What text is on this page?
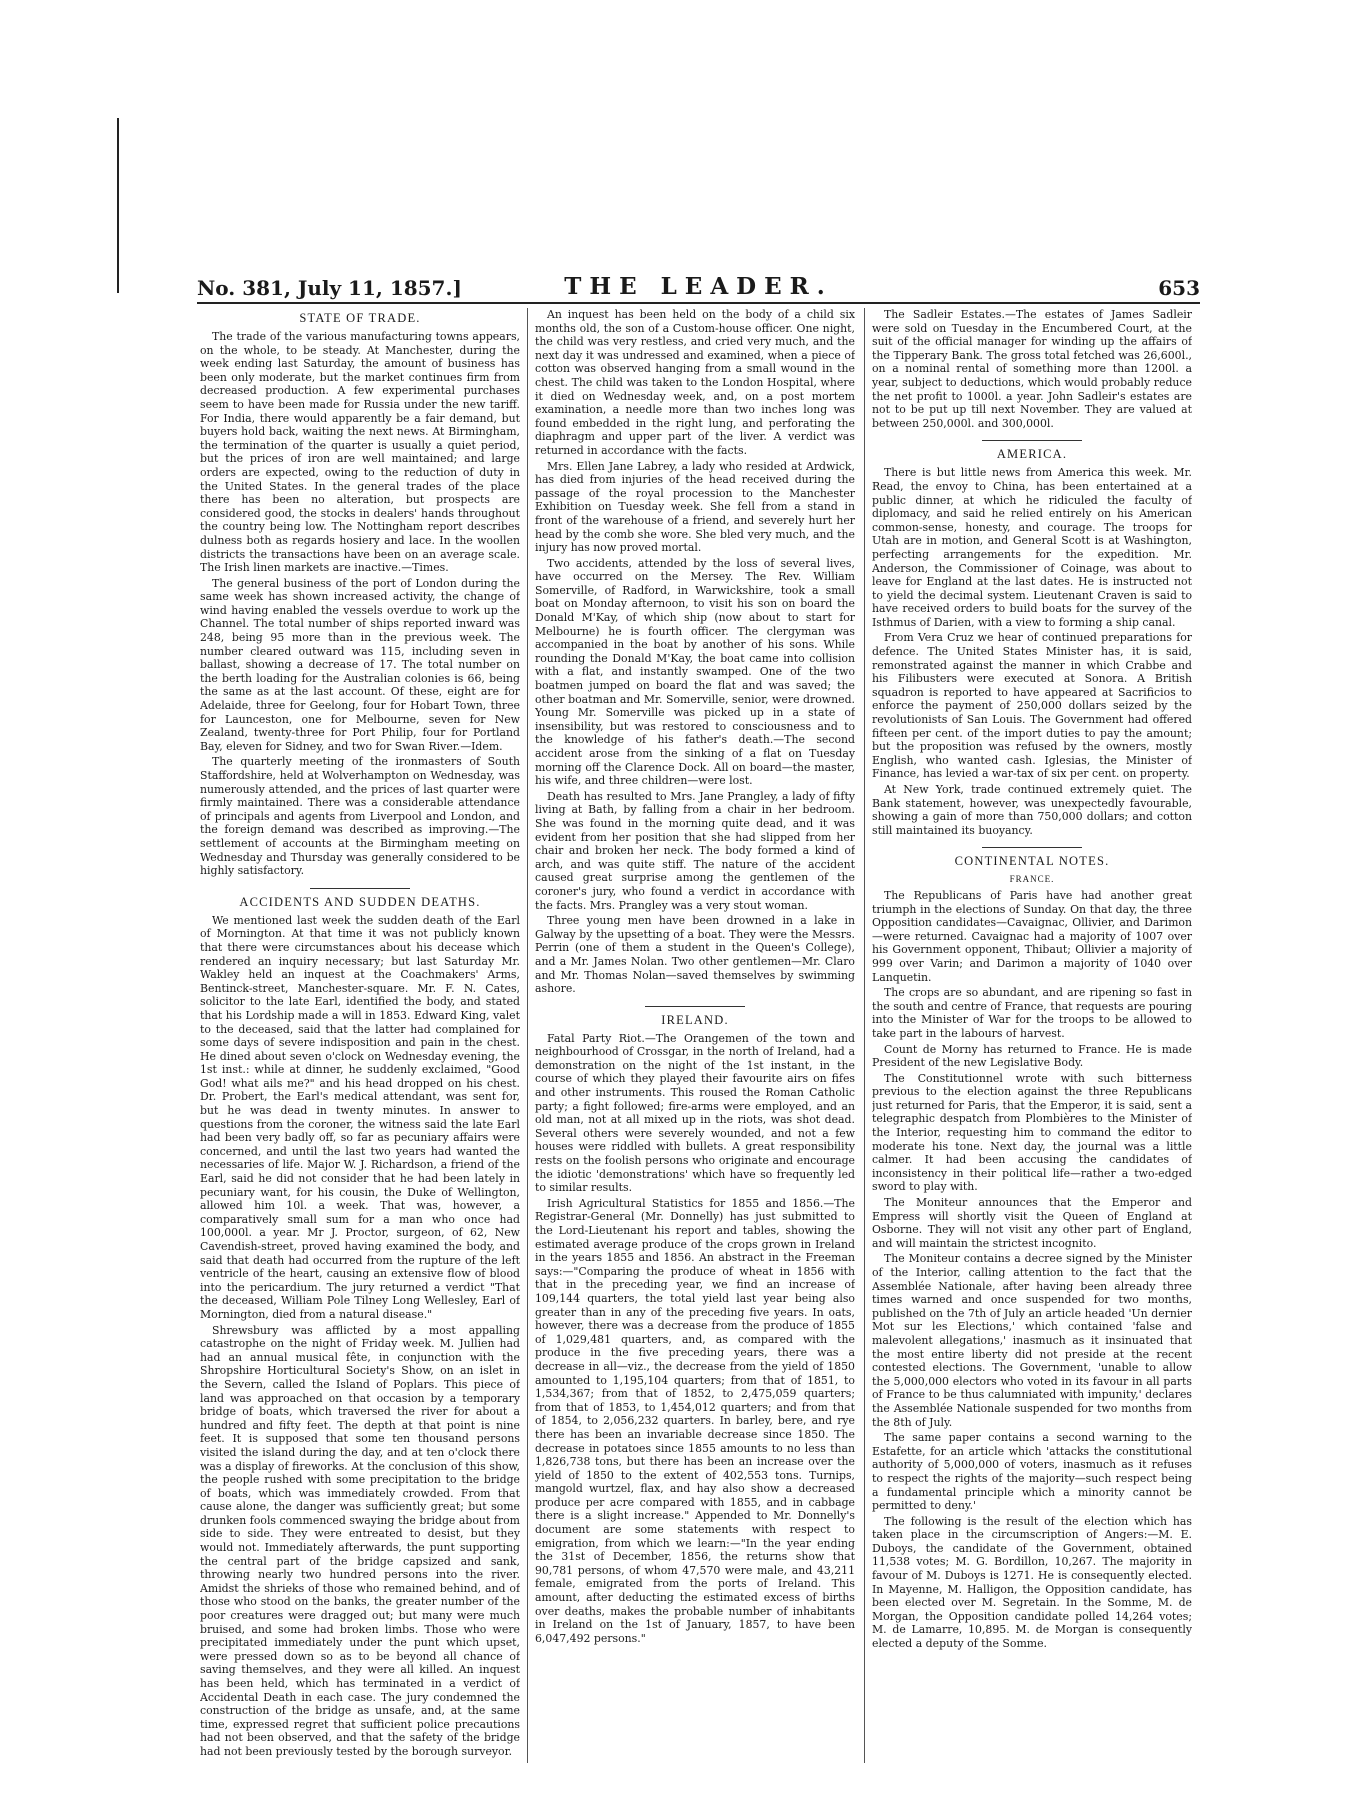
No. 381, July 11, 1857.]	THE LEADER.	653
STATE OF TRADE.

The trade of the various manufacturing towns appears, on the whole, to be steady. At Manchester, during the week ending last Saturday, the amount of business has been only moderate, but the market continues firm from decreased production. A few experimental purchases seem to have been made for Russia under the new tariff. For India, there would apparently be a fair demand, but buyers hold back, waiting the next news. At Birmingham, the termination of the quarter is usually a quiet period, but the prices of iron are well maintained; and large orders are expected, owing to the reduction of duty in the United States. In the general trades of the place there has been no alteration, but prospects are considered good, the stocks in dealers' hands throughout the country being low. The Nottingham report describes dulness both as regards hosiery and lace. In the woollen districts the transactions have been on an average scale. The Irish linen markets are inactive.—Times.

The general business of the port of London during the same week has shown increased activity, the change of wind having enabled the vessels overdue to work up the Channel. The total number of ships reported inward was 248, being 95 more than in the previous week. The number cleared outward was 115, including seven in ballast, showing a decrease of 17. The total number on the berth loading for the Australian colonies is 66, being the same as at the last account. Of these, eight are for Adelaide, three for Geelong, four for Hobart Town, three for Launceston, one for Melbourne, seven for New Zealand, twenty-three for Port Philip, four for Portland Bay, eleven for Sidney, and two for Swan River.—Idem.

The quarterly meeting of the ironmasters of South Staffordshire, held at Wolverhampton on Wednesday, was numerously attended, and the prices of last quarter were firmly maintained. There was a considerable attendance of principals and agents from Liverpool and London, and the foreign demand was described as improving.—The settlement of accounts at the Birmingham meeting on Wednesday and Thursday was generally considered to be highly satisfactory.

ACCIDENTS AND SUDDEN DEATHS.

We mentioned last week the sudden death of the Earl of Mornington. At that time it was not publicly known that there were circumstances about his decease which rendered an inquiry necessary; but last Saturday Mr. Wakley held an inquest at the Coachmakers' Arms, Bentinck-street, Manchester-square. Mr. F. N. Cates, solicitor to the late Earl, identified the body, and stated that his Lordship made a will in 1853. Edward King, valet to the deceased, said that the latter had complained for some days of severe indisposition and pain in the chest. He dined about seven o'clock on Wednesday evening, the 1st inst.: while at dinner, he suddenly exclaimed, "Good God! what ails me?" and his head dropped on his chest. Dr. Probert, the Earl's medical attendant, was sent for, but he was dead in twenty minutes. In answer to questions from the coroner, the witness said the late Earl had been very badly off, so far as pecuniary affairs were concerned, and until the last two years had wanted the necessaries of life. Major W. J. Richardson, a friend of the Earl, said he did not consider that he had been lately in pecuniary want, for his cousin, the Duke of Wellington, allowed him 10l. a week. That was, however, a comparatively small sum for a man who once had 100,000l. a year. Mr J. Proctor, surgeon, of 62, New Cavendish-street, proved having examined the body, and said that death had occurred from the rupture of the left ventricle of the heart, causing an extensive flow of blood into the pericardium. The jury returned a verdict "That the deceased, William Pole Tilney Long Wellesley, Earl of Mornington, died from a natural disease."

Shrewsbury was afflicted by a most appalling catastrophe on the night of Friday week. M. Jullien had had an annual musical fête, in conjunction with the Shropshire Horticultural Society's Show, on an islet in the Severn, called the Island of Poplars. This piece of land was approached on that occasion by a temporary bridge of boats, which traversed the river for about a hundred and fifty feet. The depth at that point is nine feet. It is supposed that some ten thousand persons visited the island during the day, and at ten o'clock there was a display of fireworks. At the conclusion of this show, the people rushed with some precipitation to the bridge of boats, which was immediately crowded. From that cause alone, the danger was sufficiently great; but some drunken fools commenced swaying the bridge about from side to side. They were entreated to desist, but they would not. Immediately afterwards, the punt supporting the central part of the bridge capsized and sank, throwing nearly two hundred persons into the river. Amidst the shrieks of those who remained behind, and of those who stood on the banks, the greater number of the poor creatures were dragged out; but many were much bruised, and some had broken limbs. Those who were precipitated immediately under the punt which upset, were pressed down so as to be beyond all chance of saving themselves, and they were all killed. An inquest has been held, which has terminated in a verdict of Accidental Death in each case. The jury condemned the construction of the bridge as unsafe, and, at the same time, expressed regret that sufficient police precautions had not been observed, and that the safety of the bridge had not been previously tested by the borough surveyor.

An inquest has been held on the body of a child six months old, the son of a Custom-house officer. One night, the child was very restless, and cried very much, and the next day it was undressed and examined, when a piece of cotton was observed hanging from a small wound in the chest. The child was taken to the London Hospital, where it died on Wednesday week, and, on a post mortem examination, a needle more than two inches long was found embedded in the right lung, and perforating the diaphragm and upper part of the liver. A verdict was returned in accordance with the facts.

Mrs. Ellen Jane Labrey, a lady who resided at Ardwick, has died from injuries of the head received during the passage of the royal procession to the Manchester Exhibition on Tuesday week. She fell from a stand in front of the warehouse of a friend, and severely hurt her head by the comb she wore. She bled very much, and the injury has now proved mortal.

Two accidents, attended by the loss of several lives, have occurred on the Mersey. The Rev. William Somerville, of Radford, in Warwickshire, took a small boat on Monday afternoon, to visit his son on board the Donald M'Kay, of which ship (now about to start for Melbourne) he is fourth officer. The clergyman was accompanied in the boat by another of his sons. While rounding the Donald M'Kay, the boat came into collision with a flat, and instantly swamped. One of the two boatmen jumped on board the flat and was saved; the other boatman and Mr. Somerville, senior, were drowned. Young Mr. Somerville was picked up in a state of insensibility, but was restored to consciousness and to the knowledge of his father's death.—The second accident arose from the sinking of a flat on Tuesday morning off the Clarence Dock. All on board—the master, his wife, and three children—were lost.

Death has resulted to Mrs. Jane Prangley, a lady of fifty living at Bath, by falling from a chair in her bedroom. She was found in the morning quite dead, and it was evident from her position that she had slipped from her chair and broken her neck. The body formed a kind of arch, and was quite stiff. The nature of the accident caused great surprise among the gentlemen of the coroner's jury, who found a verdict in accordance with the facts. Mrs. Prangley was a very stout woman.

Three young men have been drowned in a lake in Galway by the upsetting of a boat. They were the Messrs. Perrin (one of them a student in the Queen's College), and a Mr. James Nolan. Two other gentlemen—Mr. Claro and Mr. Thomas Nolan—saved themselves by swimming ashore.

IRELAND.

Fatal Party Riot.—The Orangemen of the town and neighbourhood of Crossgar, in the north of Ireland, had a demonstration on the night of the 1st instant, in the course of which they played their favourite airs on fifes and other instruments. This roused the Roman Catholic party; a fight followed; fire-arms were employed, and an old man, not at all mixed up in the riots, was shot dead. Several others were severely wounded, and not a few houses were riddled with bullets. A great responsibility rests on the foolish persons who originate and encourage the idiotic 'demonstrations' which have so frequently led to similar results.

Irish Agricultural Statistics for 1855 and 1856.—The Registrar-General (Mr. Donnelly) has just submitted to the Lord-Lieutenant his report and tables, showing the estimated average produce of the crops grown in Ireland in the years 1855 and 1856. An abstract in the Freeman says:—"Comparing the produce of wheat in 1856 with that in the preceding year, we find an increase of 109,144 quarters, the total yield last year being also greater than in any of the preceding five years. In oats, however, there was a decrease from the produce of 1855 of 1,029,481 quarters, and, as compared with the produce in the five preceding years, there was a decrease in all—viz., the decrease from the yield of 1850 amounted to 1,195,104 quarters; from that of 1851, to 1,534,367; from that of 1852, to 2,475,059 quarters; from that of 1853, to 1,454,012 quarters; and from that of 1854, to 2,056,232 quarters. In barley, bere, and rye there has been an invariable decrease since 1850. The decrease in potatoes since 1855 amounts to no less than 1,826,738 tons, but there has been an increase over the yield of 1850 to the extent of 402,553 tons. Turnips, mangold wurtzel, flax, and hay also show a decreased produce per acre compared with 1855, and in cabbage there is a slight increase." Appended to Mr. Donnelly's document are some statements with respect to emigration, from which we learn:—"In the year ending the 31st of December, 1856, the returns show that 90,781 persons, of whom 47,570 were male, and 43,211 female, emigrated from the ports of Ireland. This amount, after deducting the estimated excess of births over deaths, makes the probable number of inhabitants in Ireland on the 1st of January, 1857, to have been 6,047,492 persons."

The Sadleir Estates.—The estates of James Sadleir were sold on Tuesday in the Encumbered Court, at the suit of the official manager for winding up the affairs of the Tipperary Bank. The gross total fetched was 26,600l., on a nominal rental of something more than 1200l. a year, subject to deductions, which would probably reduce the net profit to 1000l. a year. John Sadleir's estates are not to be put up till next November. They are valued at between 250,000l. and 300,000l.

AMERICA.

There is but little news from America this week. Mr. Read, the envoy to China, has been entertained at a public dinner, at which he ridiculed the faculty of diplomacy, and said he relied entirely on his American common-sense, honesty, and courage. The troops for Utah are in motion, and General Scott is at Washington, perfecting arrangements for the expedition. Mr. Anderson, the Commissioner of Coinage, was about to leave for England at the last dates. He is instructed not to yield the decimal system. Lieutenant Craven is said to have received orders to build boats for the survey of the Isthmus of Darien, with a view to forming a ship canal.

From Vera Cruz we hear of continued preparations for defence. The United States Minister has, it is said, remonstrated against the manner in which Crabbe and his Filibusters were executed at Sonora. A British squadron is reported to have appeared at Sacrificios to enforce the payment of 250,000 dollars seized by the revolutionists of San Louis. The Government had offered fifteen per cent. of the import duties to pay the amount; but the proposition was refused by the owners, mostly English, who wanted cash. Iglesias, the Minister of Finance, has levied a war-tax of six per cent. on property.

At New York, trade continued extremely quiet. The Bank statement, however, was unexpectedly favourable, showing a gain of more than 750,000 dollars; and cotton still maintained its buoyancy.

CONTINENTAL NOTES.
FRANCE.

The Republicans of Paris have had another great triumph in the elections of Sunday. On that day, the three Opposition candidates—Cavaignac, Ollivier, and Darimon—were returned. Cavaignac had a majority of 1007 over his Government opponent, Thibaut; Ollivier a majority of 999 over Varin; and Darimon a majority of 1040 over Lanquetin.

The crops are so abundant, and are ripening so fast in the south and centre of France, that requests are pouring into the Minister of War for the troops to be allowed to take part in the labours of harvest.

Count de Morny has returned to France. He is made President of the new Legislative Body.

The Constitutionnel wrote with such bitterness previous to the election against the three Republicans just returned for Paris, that the Emperor, it is said, sent a telegraphic despatch from Plombières to the Minister of the Interior, requesting him to command the editor to moderate his tone. Next day, the journal was a little calmer. It had been accusing the candidates of inconsistency in their political life—rather a two-edged sword to play with.

The Moniteur announces that the Emperor and Empress will shortly visit the Queen of England at Osborne. They will not visit any other part of England, and will maintain the strictest incognito.

The Moniteur contains a decree signed by the Minister of the Interior, calling attention to the fact that the Assemblée Nationale, after having been already three times warned and once suspended for two months, published on the 7th of July an article headed 'Un dernier Mot sur les Elections,' which contained 'false and malevolent allegations,' inasmuch as it insinuated that the most entire liberty did not preside at the recent contested elections. The Government, 'unable to allow the 5,000,000 electors who voted in its favour in all parts of France to be thus calumniated with impunity,' declares the Assemblée Nationale suspended for two months from the 8th of July.

The same paper contains a second warning to the Estafette, for an article which 'attacks the constitutional authority of 5,000,000 of voters, inasmuch as it refuses to respect the rights of the majority—such respect being a fundamental principle which a minority cannot be permitted to deny.'

The following is the result of the election which has taken place in the circumscription of Angers:—M. E. Duboys, the candidate of the Government, obtained 11,538 votes; M. G. Bordillon, 10,267. The majority in favour of M. Duboys is 1271. He is consequently elected. In Mayenne, M. Halligon, the Opposition candidate, has been elected over M. Segretain. In the Somme, M. de Morgan, the Opposition candidate polled 14,264 votes; M. de Lamarre, 10,895. M. de Morgan is consequently elected a deputy of the Somme.
